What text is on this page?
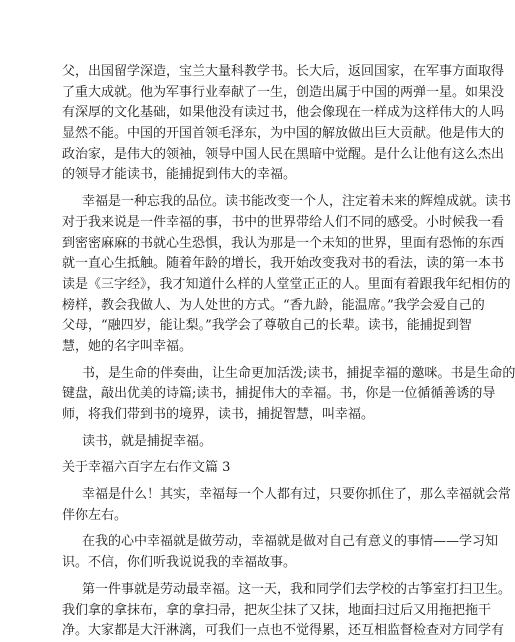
父，出国留学深造，宝兰大量科教学书。长大后，返回国家，在军事方面取得
了重大成就。他为军事行业奉献了一生，创造出属于中国的两弹一星。如果没
有深厚的文化基础，如果他没有读过书，他会像现在一样成为这样伟大的人吗
显然不能。中国的开国首领毛泽东，为中国的解放做出巨大贡献。他是伟大的
政治家，是伟大的领袖，领导中国人民在黑暗中觉醒。是什么让他有这么杰出
的领导才能读书，能捕捉到伟大的幸福。
幸福是一种忘我的品位。读书能改变一个人，注定着未来的辉煌成就。读书
对于我来说是一件幸福的事，书中的世界带给人们不同的感受。小时候我一看
到密密麻麻的书就心生恐惧，我认为那是一个未知的世界，里面有恐怖的东西
就一直心生抵触。随着年龄的增长，我开始改变我对书的看法，读的第一本书
读是《三字经》，我才知道什么样的人堂堂正正的人。里面有着跟我年纪相仿的
榜样，教会我做人、为人处世的方式。“香九龄，能温席。”我学会爱自己的
父母，“融四岁，能让梨。”我学会了尊敬自己的长辈。读书，能捕捉到智
慧，她的名字叫幸福。
书，是生命的伴奏曲，让生命更加活泼;读书，捕捉幸福的邀咪。书是生命的
键盘，敲出优美的诗篇;读书，捕捉伟大的幸福。书，你是一位循循善诱的导
师，将我们带到书的境界，读书，捕捉智慧，叫幸福。
读书，就是捕捉幸福。
关于幸福六百字左右作文篇 3
幸福是什么！其实，幸福每一个人都有过，只要你抓住了，那么幸福就会常
伴你左右。
在我的心中幸福就是做劳动，幸福就是做对自己有意义的事情——学习知
识。不信，你们听我说说我的幸福故事。
第一件事就是劳动最幸福。这一天，我和同学们去学校的古筝室打扫卫生。
我们拿的拿抹布，拿的拿扫帚，把灰尘抹了又抹，地面扫过后又用拖把拖干
净。大家都是大汗淋漓，可我们一点也不觉得累，还互相监督检查对方同学有
